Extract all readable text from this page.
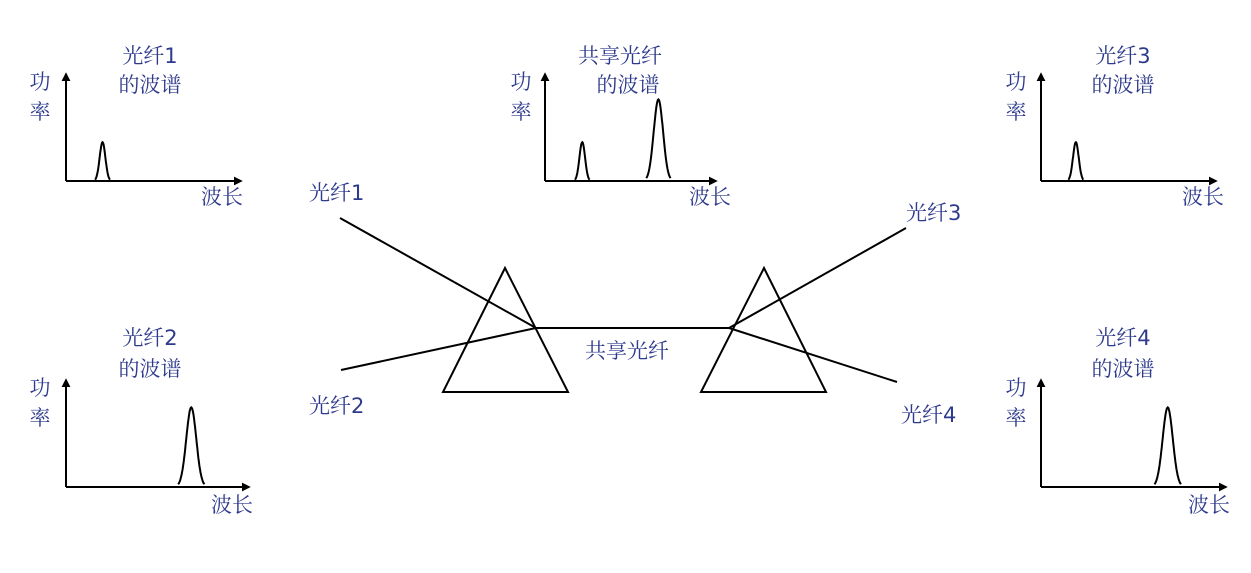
光纤1
的波谱
功
率
波长
共享光纤
的波谱
功
率
波长
光纤3
的波谱
功
率
波长
光纤2
的波谱
功
率
波长
光纤4
的波谱
功
率
波长
光纤1
光纤2
光纤3
光纤4
共享光纤
